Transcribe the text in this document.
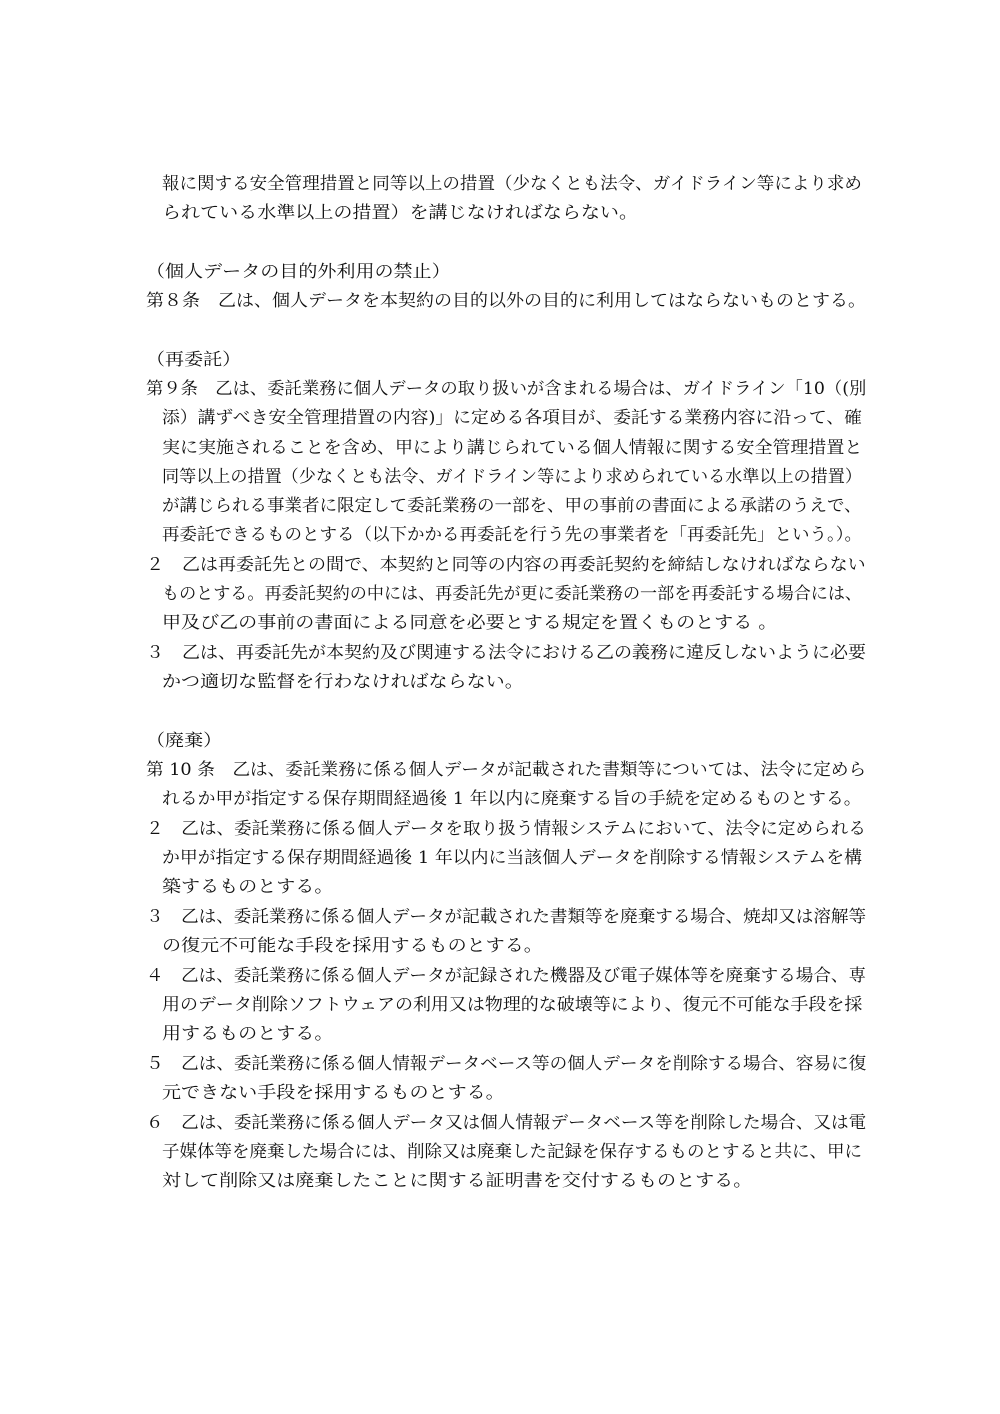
報に関する安全管理措置と同等以上の措置（少なくとも法令、ガイドライン等により求め
られている水準以上の措置）を講じなければならない。
（個人データの目的外利用の禁止）
第８条　乙は、個人データを本契約の目的以外の目的に利用してはならないものとする。
（再委託）
第９条　乙は、委託業務に個人データの取り扱いが含まれる場合は、ガイドライン「10（(別
添）講ずべき安全管理措置の内容)」に定める各項目が、委託する業務内容に沿って、確
実に実施されることを含め、甲により講じられている個人情報に関する安全管理措置と
同等以上の措置（少なくとも法令、ガイドライン等により求められている水準以上の措置）
が講じられる事業者に限定して委託業務の一部を、甲の事前の書面による承諾のうえで、
再委託できるものとする（以下かかる再委託を行う先の事業者を「再委託先」という。）。
２　乙は再委託先との間で、本契約と同等の内容の再委託契約を締結しなければならない
ものとする。再委託契約の中には、再委託先が更に委託業務の一部を再委託する場合には、
甲及び乙の事前の書面による同意を必要とする規定を置くものとする 。
３　乙は、再委託先が本契約及び関連する法令における乙の義務に違反しないように必要
かつ適切な監督を行わなければならない。
（廃棄）
第 10 条　乙は、委託業務に係る個人データが記載された書類等については、法令に定めら
れるか甲が指定する保存期間経過後 1 年以内に廃棄する旨の手続を定めるものとする。
２　乙は、委託業務に係る個人データを取り扱う情報システムにおいて、法令に定められる
か甲が指定する保存期間経過後 1 年以内に当該個人データを削除する情報システムを構
築するものとする。
３　乙は、委託業務に係る個人データが記載された書類等を廃棄する場合、焼却又は溶解等
の復元不可能な手段を採用するものとする。
４　乙は、委託業務に係る個人データが記録された機器及び電子媒体等を廃棄する場合、専
用のデータ削除ソフトウェアの利用又は物理的な破壊等により、復元不可能な手段を採
用するものとする。
５　乙は、委託業務に係る個人情報データベース等の個人データを削除する場合、容易に復
元できない手段を採用するものとする。
６　乙は、委託業務に係る個人データ又は個人情報データベース等を削除した場合、又は電
子媒体等を廃棄した場合には、削除又は廃棄した記録を保存するものとすると共に、甲に
対して削除又は廃棄したことに関する証明書を交付するものとする。
